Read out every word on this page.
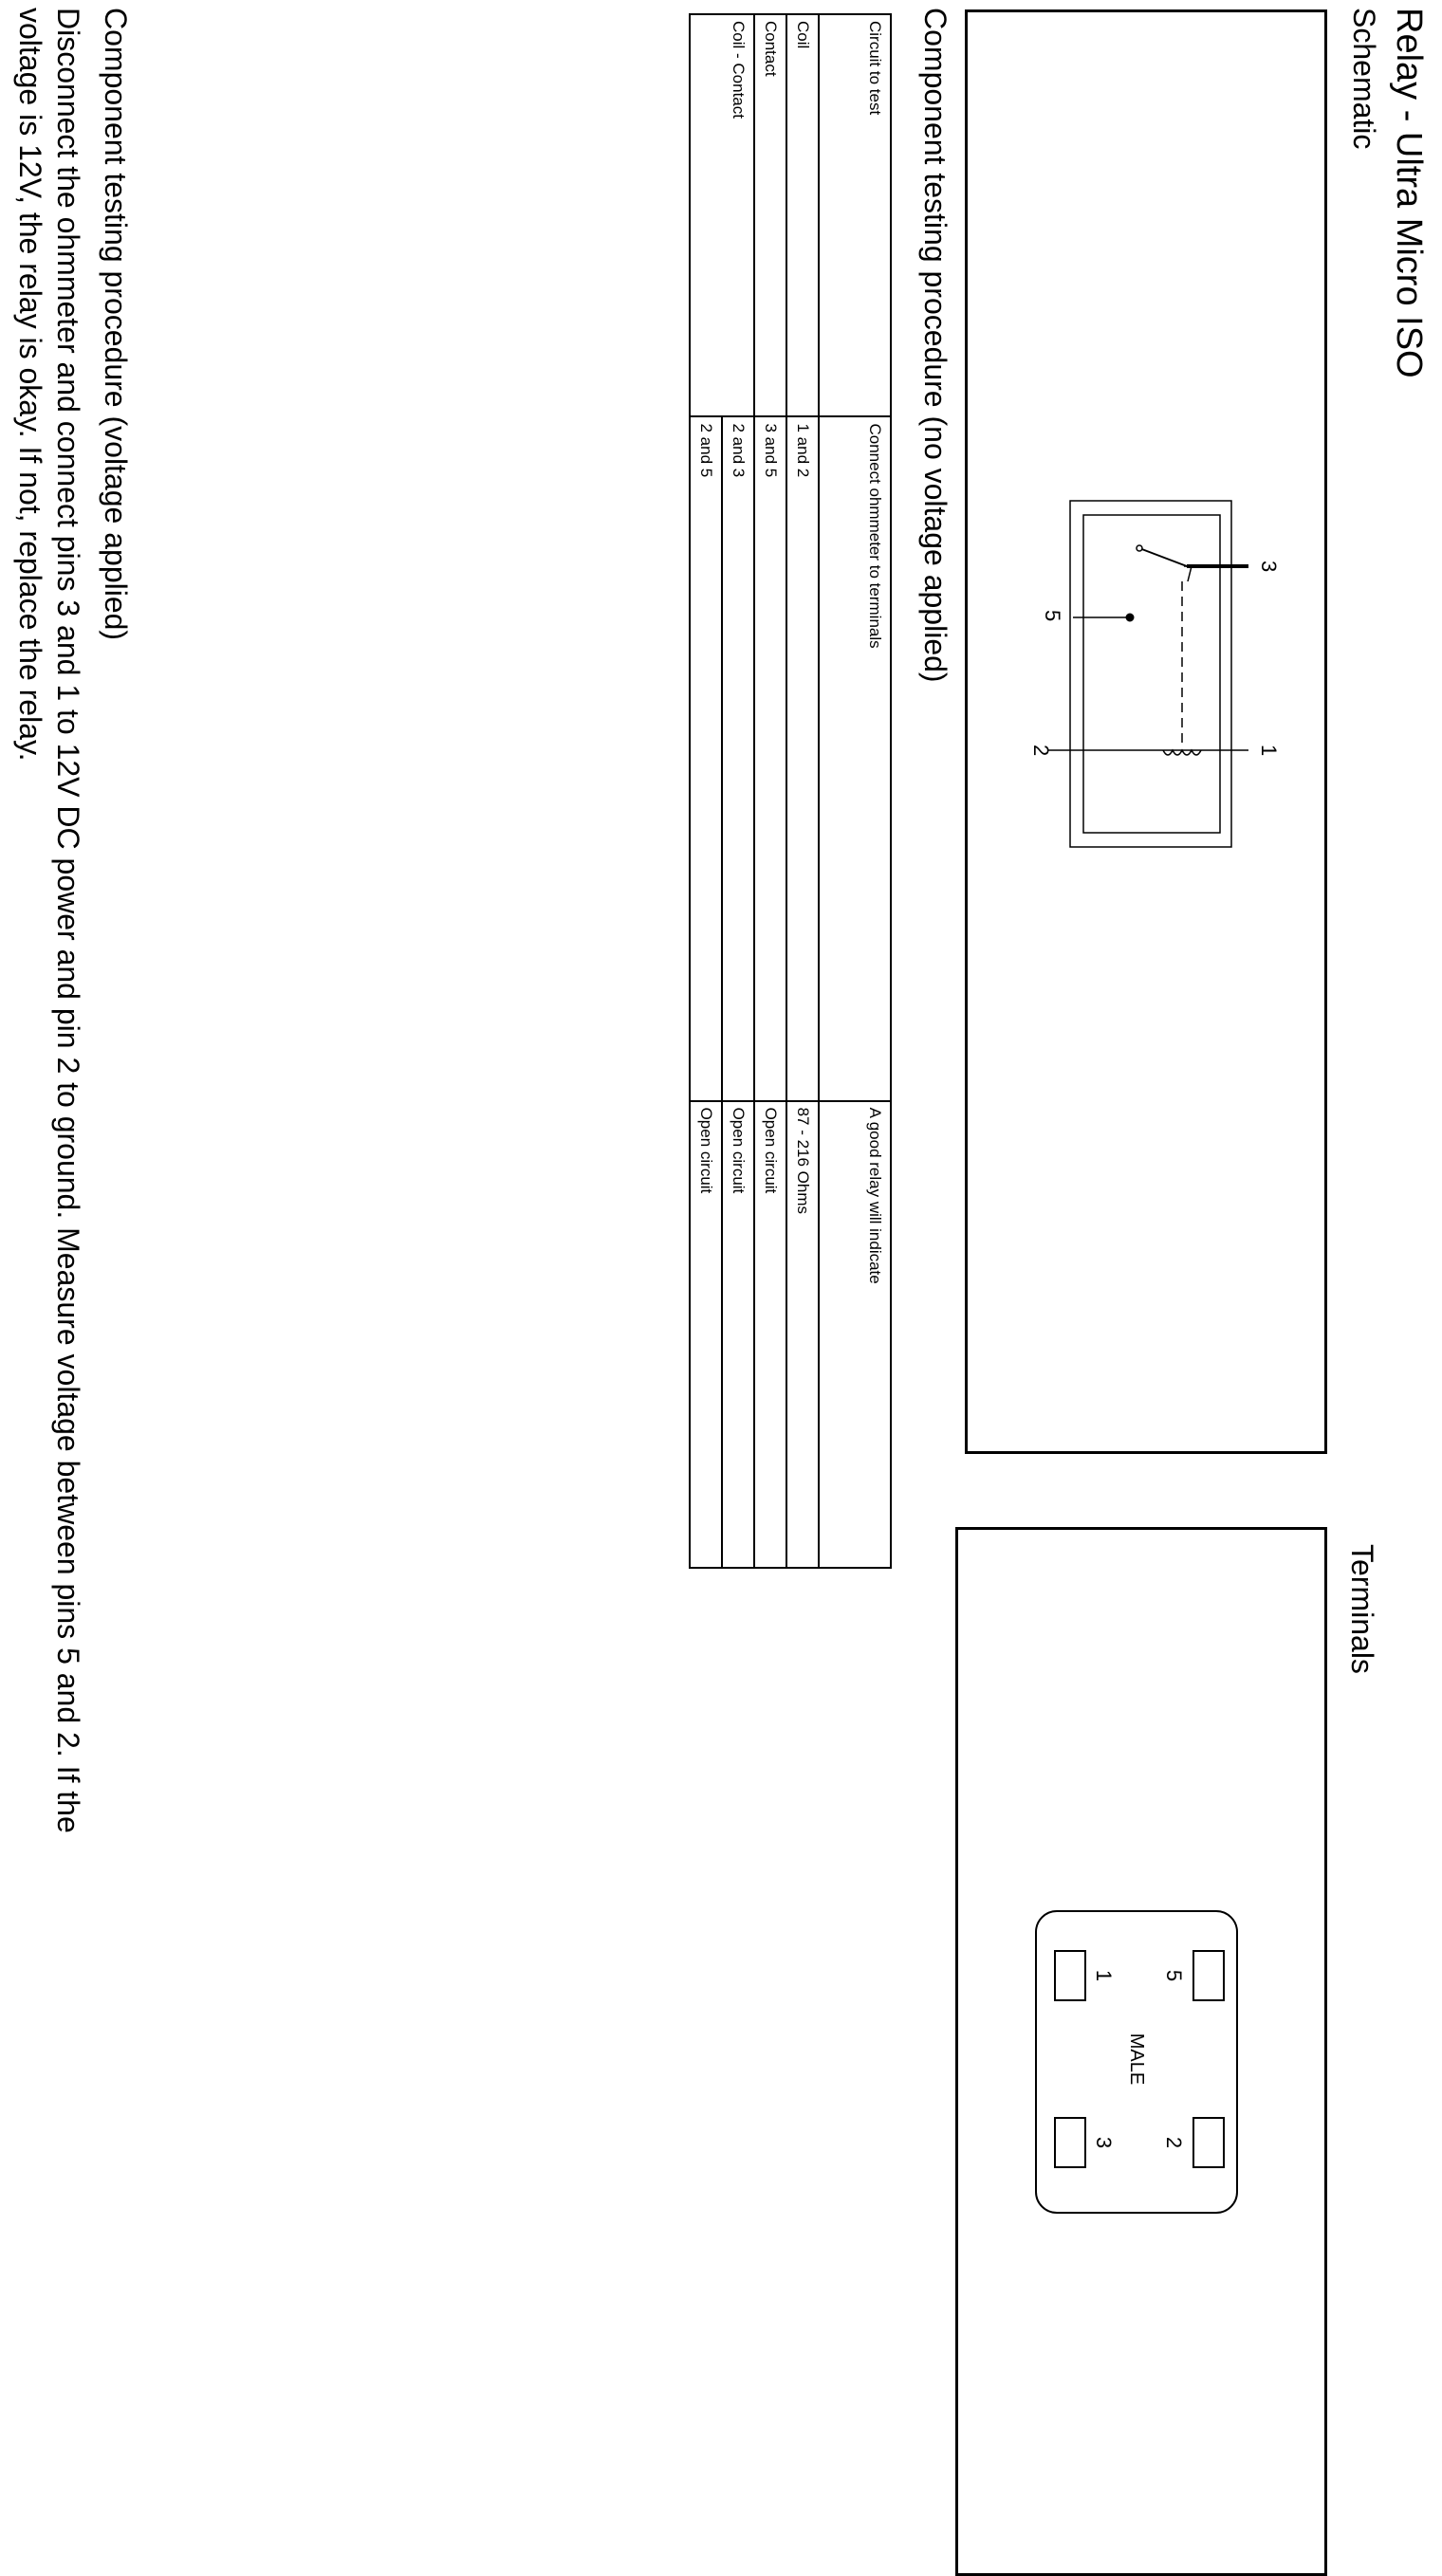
Relay - Ultra Micro ISO
Schematic
3
1
5
2
Terminals
5
2
1
3
MALE
Component testing procedure (no voltage applied)
Circuit to test	Connect ohmmeter to terminals	A good relay will indicate
Coil	1 and 2	87 - 216 Ohms
Contact	3 and 5	Open circuit
Coil - Contact	2 and 3	Open circuit
	2 and 5	Open circuit
Component testing procedure (voltage applied)
Disconnect the ohmmeter and connect pins 3 and 1 to 12V DC power and pin 2 to ground. Measure voltage between pins 5 and 2. If the
voltage is 12V, the relay is okay. If not, replace the relay.
